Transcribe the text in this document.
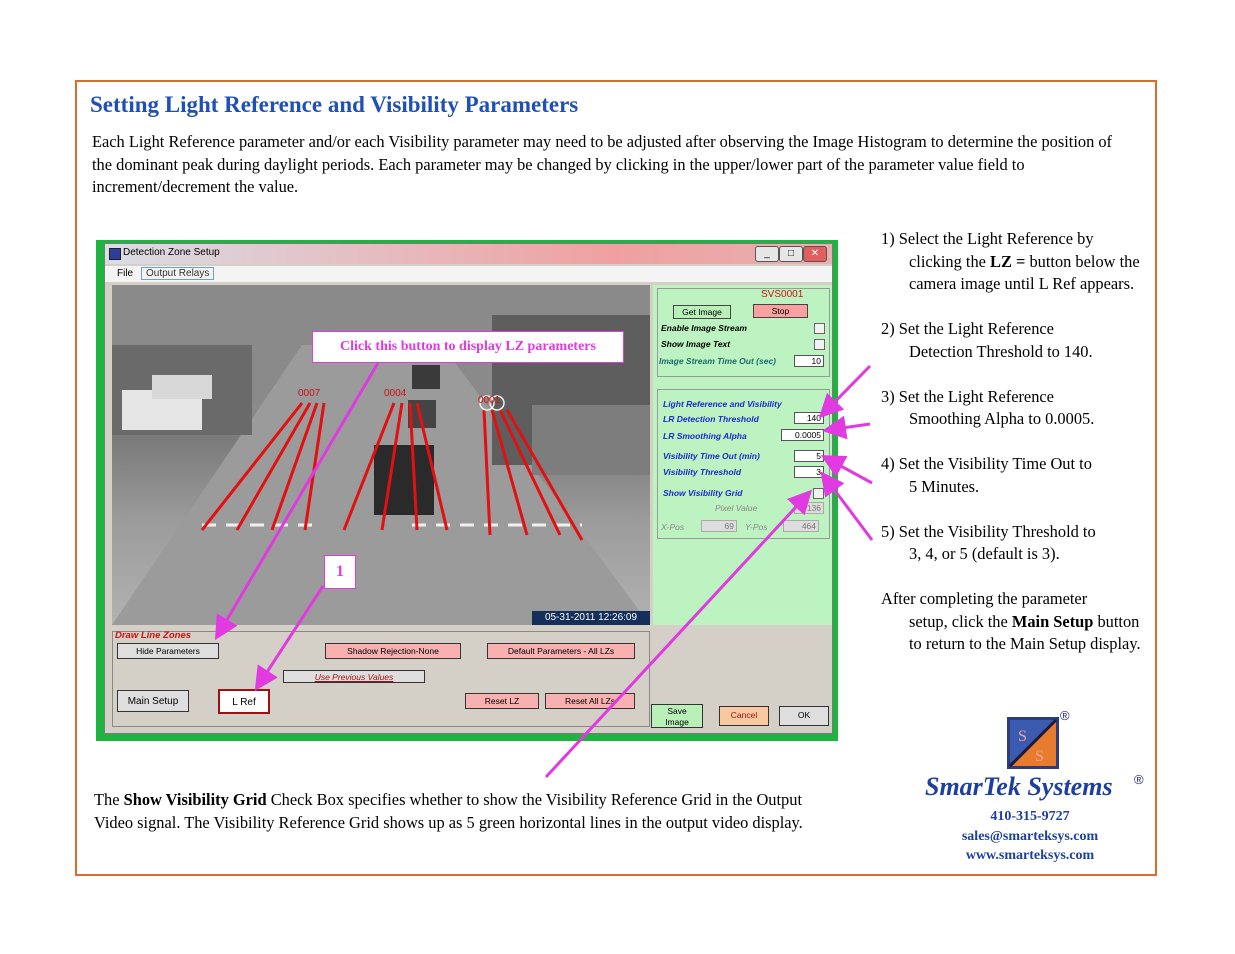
Setting Light Reference and Visibility Parameters
Each Light Reference parameter and/or each Visibility parameter may need to be adjusted after observing the Image Histogram to determine the position of the dominant peak during daylight periods. Each parameter may be changed by clicking in the upper/lower part of the parameter value field to increment/decrement the value.
Detection Zone Setup	_	□	✕
File	Output Relays
0007	0004
0001
05-31-2011 12:26:09
SVS0001
Get Image	Stop
Enable Image Stream
Show Image Text
Image Stream Time Out (sec)	10
Light Reference and Visibility
LR Detection Threshold	140
LR Smoothing Alpha	0.0005
Visibility Time Out (min)	5
Visibility Threshold	3
Show Visibility Grid
Pixel Value	136
X-Pos	69	Y-Pos	464
Draw Line Zones
Hide Parameters	Shadow Rejection-None	Default Parameters - All LZs
Use Previous Values
Main Setup	L Ref	Reset LZ	Reset All LZs
Save Image
Cancel	OK
Click this button to display LZ parameters
1
1) Select the Light Reference by
clicking the LZ = button below the camera image until L Ref appears.
2) Set the Light Reference
Detection Threshold to 140.
3) Set the Light Reference
Smoothing Alpha to 0.0005.
4) Set the Visibility Time Out to
5 Minutes.
5) Set the Visibility Threshold to
3, 4, or 5 (default is 3).
After completing the parameter
setup, click the Main Setup button to return to the Main Setup display.
The Show Visibility Grid Check Box specifies whether to show the Visibility Reference Grid in the Output Video signal. The Visibility Reference Grid shows up as 5 green horizontal lines in the output video display.
S
S
®
SmarTek Systems ®
410-315-9727
sales@smarteksys.com
www.smarteksys.com
